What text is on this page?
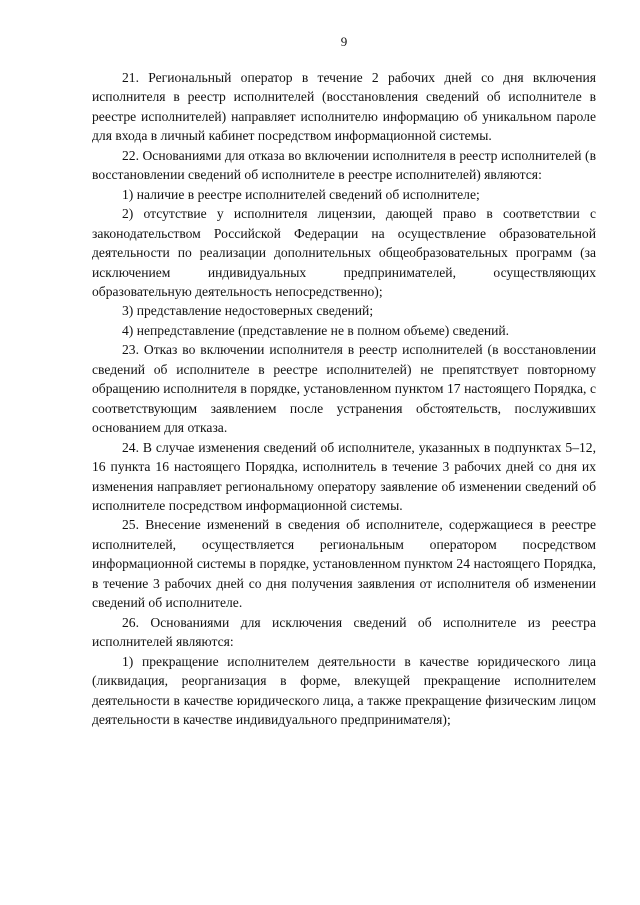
9

21. Региональный оператор в течение 2 рабочих дней со дня включения исполнителя в реестр исполнителей (восстановления сведений об исполнителе в реестре исполнителей) направляет исполнителю информацию об уникальном пароле для входа в личный кабинет посредством информационной системы.

22. Основаниями для отказа во включении исполнителя в реестр исполнителей (в восстановлении сведений об исполнителе в реестре исполнителей) являются:

1) наличие в реестре исполнителей сведений об исполнителе;

2) отсутствие у исполнителя лицензии, дающей право в соответствии с законодательством Российской Федерации на осуществление образовательной деятельности по реализации дополнительных общеобразовательных программ (за исключением индивидуальных предпринимателей, осуществляющих образовательную деятельность непосредственно);

3) представление недостоверных сведений;

4) непредставление (представление не в полном объеме) сведений.

23. Отказ во включении исполнителя в реестр исполнителей (в восстановлении сведений об исполнителе в реестре исполнителей) не препятствует повторному обращению исполнителя в порядке, установленном пунктом 17 настоящего Порядка, с соответствующим заявлением после устранения обстоятельств, послуживших основанием для отказа.

24. В случае изменения сведений об исполнителе, указанных в подпунктах 5–12, 16 пункта 16 настоящего Порядка, исполнитель в течение 3 рабочих дней со дня их изменения направляет региональному оператору заявление об изменении сведений об исполнителе посредством информационной системы.

25. Внесение изменений в сведения об исполнителе, содержащиеся в реестре исполнителей, осуществляется региональным оператором посредством информационной системы в порядке, установленном пунктом 24 настоящего Порядка, в течение 3 рабочих дней со дня получения заявления от исполнителя об изменении сведений об исполнителе.

26. Основаниями для исключения сведений об исполнителе из реестра исполнителей являются:

1) прекращение исполнителем деятельности в качестве юридического лица (ликвидация, реорганизация в форме, влекущей прекращение исполнителем деятельности в качестве юридического лица, а также прекращение физическим лицом деятельности в качестве индивидуального предпринимателя);
